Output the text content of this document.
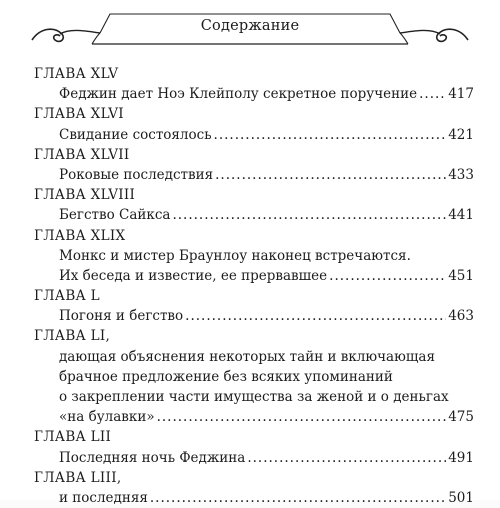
Содержание
ГЛАВА XLV
Феджин дает Ноэ Клейполу секретное поручение ..... 417
ГЛАВА XLVI
Свидание состоялось .....	421
ГЛАВА XLVII
Роковые последствия .....	433
ГЛАВА XLVIII
Бегство Сайкса .....	441
ГЛАВА XLIX
Монкс и мистер Браунлоу наконец встречаются.
Их беседа и известие, ее прервавшее .....	451
ГЛАВА L
Погоня и бегство .....	463
ГЛАВА LI,
дающая объяснения некоторых тайн и включающая
брачное предложение без всяких упоминаний
о закреплении части имущества за женой и о деньгах
«на булавки» .....	475
ГЛАВА LII
Последняя ночь Феджина .....	491
ГЛАВА LIII,
и последняя .....	501
